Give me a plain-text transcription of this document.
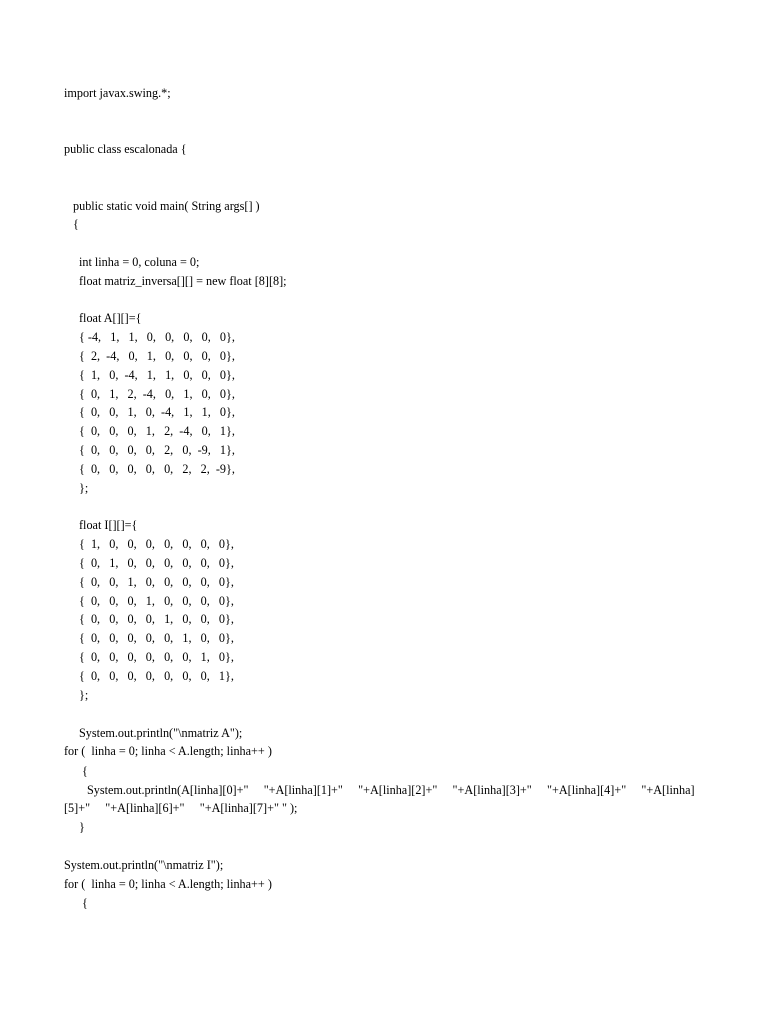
import javax.swing.*;
public class escalonada {
public static void main( String args[] )
{
int linha = 0, coluna = 0;
float matriz_inversa[][] = new float [8][8];
float A[][]={
{ -4,   1,   1,   0,   0,   0,   0,   0},
{  2,  -4,   0,   1,   0,   0,   0,   0},
{  1,   0,  -4,   1,   1,   0,   0,   0},
{  0,   1,   2,  -4,   0,   1,   0,   0},
{  0,   0,   1,   0,  -4,   1,   1,   0},
{  0,   0,   0,   1,   2,  -4,   0,   1},
{  0,   0,   0,   0,   2,   0,  -9,   1},
{  0,   0,   0,   0,   0,   2,   2,  -9},
};
float I[][]={
{  1,   0,   0,   0,   0,   0,   0,   0},
{  0,   1,   0,   0,   0,   0,   0,   0},
{  0,   0,   1,   0,   0,   0,   0,   0},
{  0,   0,   0,   1,   0,   0,   0,   0},
{  0,   0,   0,   0,   1,   0,   0,   0},
{  0,   0,   0,   0,   0,   1,   0,   0},
{  0,   0,   0,   0,   0,   0,   1,   0},
{  0,   0,   0,   0,   0,   0,   0,   1},
};
System.out.println("\nmatriz A");
for (  linha = 0; linha < A.length; linha++ )
{
System.out.println(A[linha][0]+"     "+A[linha][1]+"     "+A[linha][2]+"     "+A[linha][3]+"     "+A[linha][4]+"     "+A[linha]
[5]+"     "+A[linha][6]+"     "+A[linha][7]+" " );
}
System.out.println("\nmatriz I");
for (  linha = 0; linha < A.length; linha++ )
{
